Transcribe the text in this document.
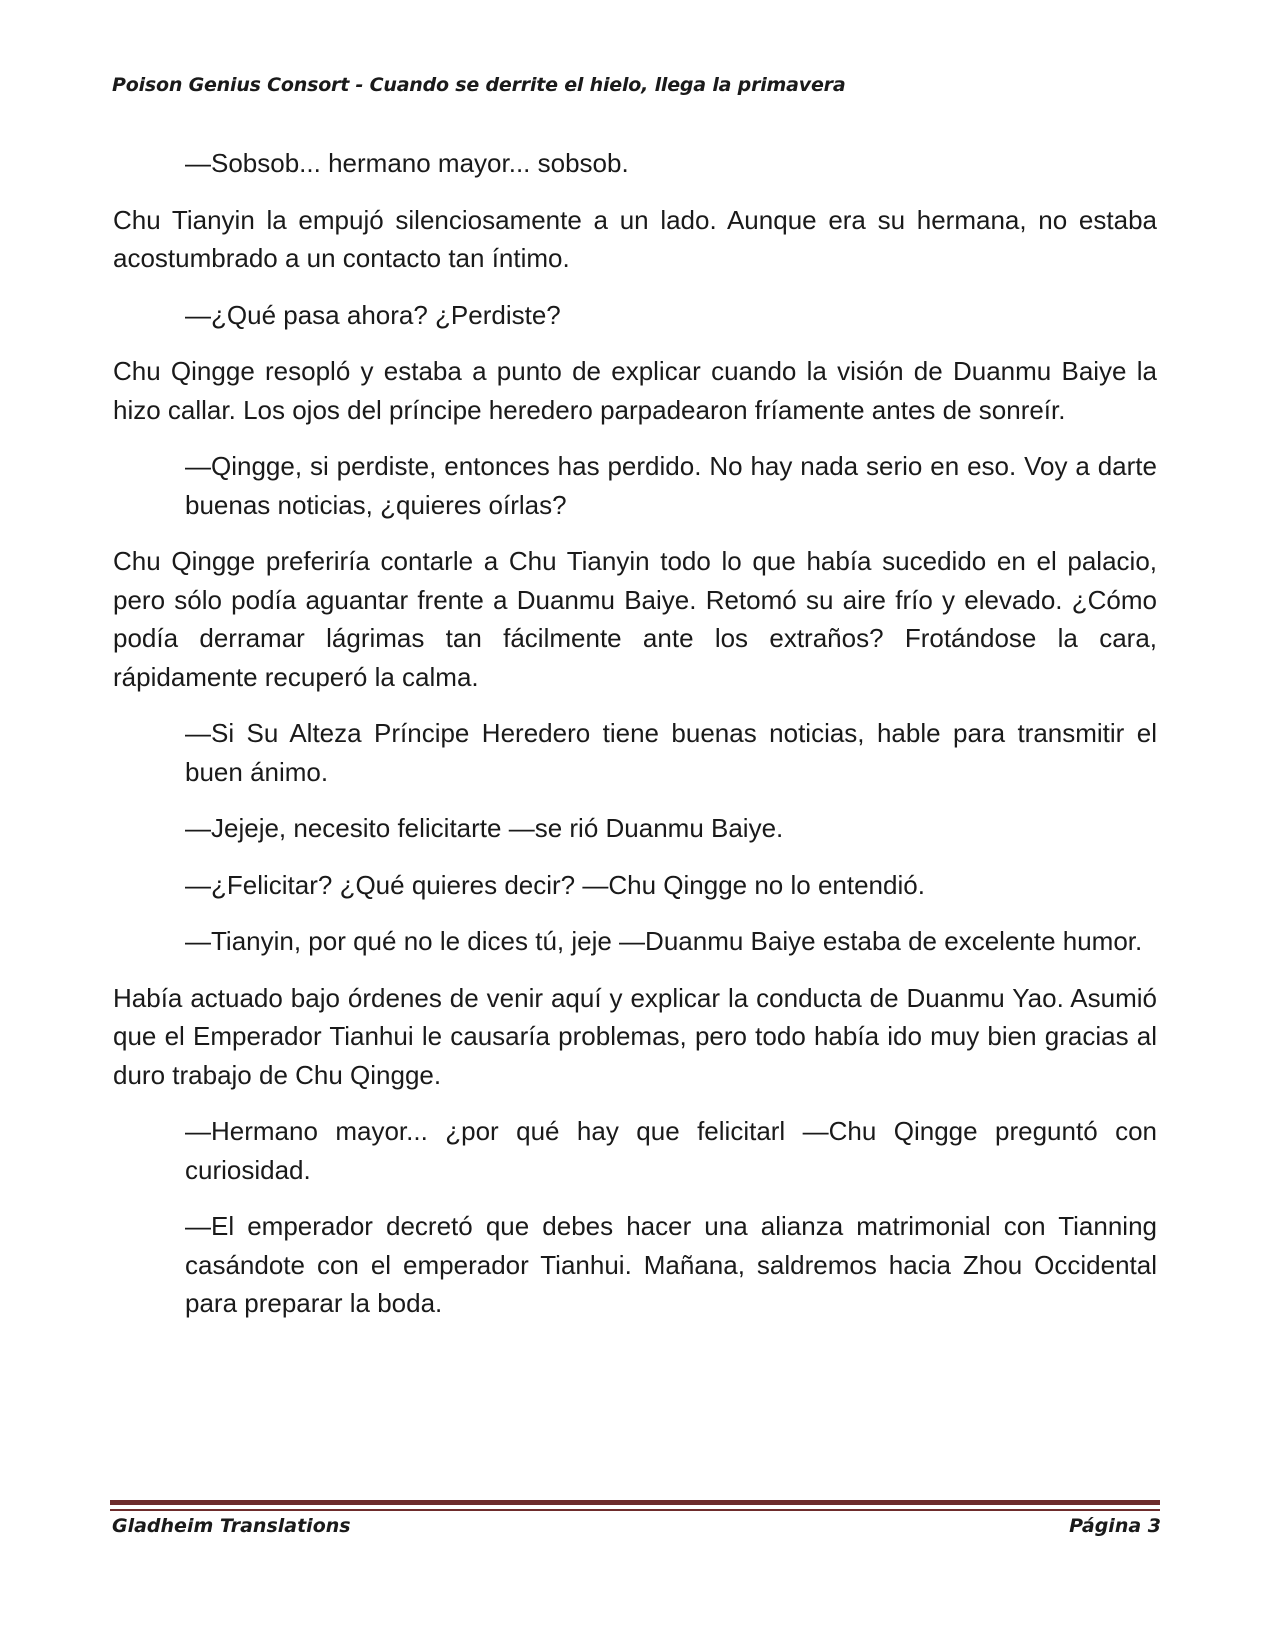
Poison Genius Consort - Cuando se derrite el hielo, llega la primavera

—Sobsob... hermano mayor... sobsob.

Chu Tianyin la empujó silenciosamente a un lado. Aunque era su hermana, no estaba acostumbrado a un contacto tan íntimo.

—¿Qué pasa ahora? ¿Perdiste?

Chu Qingge resopló y estaba a punto de explicar cuando la visión de Duanmu Baiye la hizo callar. Los ojos del príncipe heredero parpadearon fríamente antes de sonreír.

—Qingge, si perdiste, entonces has perdido. No hay nada serio en eso. Voy a darte buenas noticias, ¿quieres oírlas?

Chu Qingge preferiría contarle a Chu Tianyin todo lo que había sucedido en el palacio, pero sólo podía aguantar frente a Duanmu Baiye. Retomó su aire frío y elevado. ¿Cómo podía derramar lágrimas tan fácilmente ante los extraños? Frotándose la cara, rápidamente recuperó la calma.

—Si Su Alteza Príncipe Heredero tiene buenas noticias, hable para transmitir el buen ánimo.

—Jejeje, necesito felicitarte —se rió Duanmu Baiye.

—¿Felicitar? ¿Qué quieres decir? —Chu Qingge no lo entendió.

—Tianyin, por qué no le dices tú, jeje —Duanmu Baiye estaba de excelente humor.

Había actuado bajo órdenes de venir aquí y explicar la conducta de Duanmu Yao. Asumió que el Emperador Tianhui le causaría problemas, pero todo había ido muy bien gracias al duro trabajo de Chu Qingge.

—Hermano mayor... ¿por qué hay que felicitarl —Chu Qingge preguntó con curiosidad.

—El emperador decretó que debes hacer una alianza matrimonial con Tianning casándote con el emperador Tianhui. Mañana, saldremos hacia Zhou Occidental para preparar la boda.

Gladheim Translations	Página 3
